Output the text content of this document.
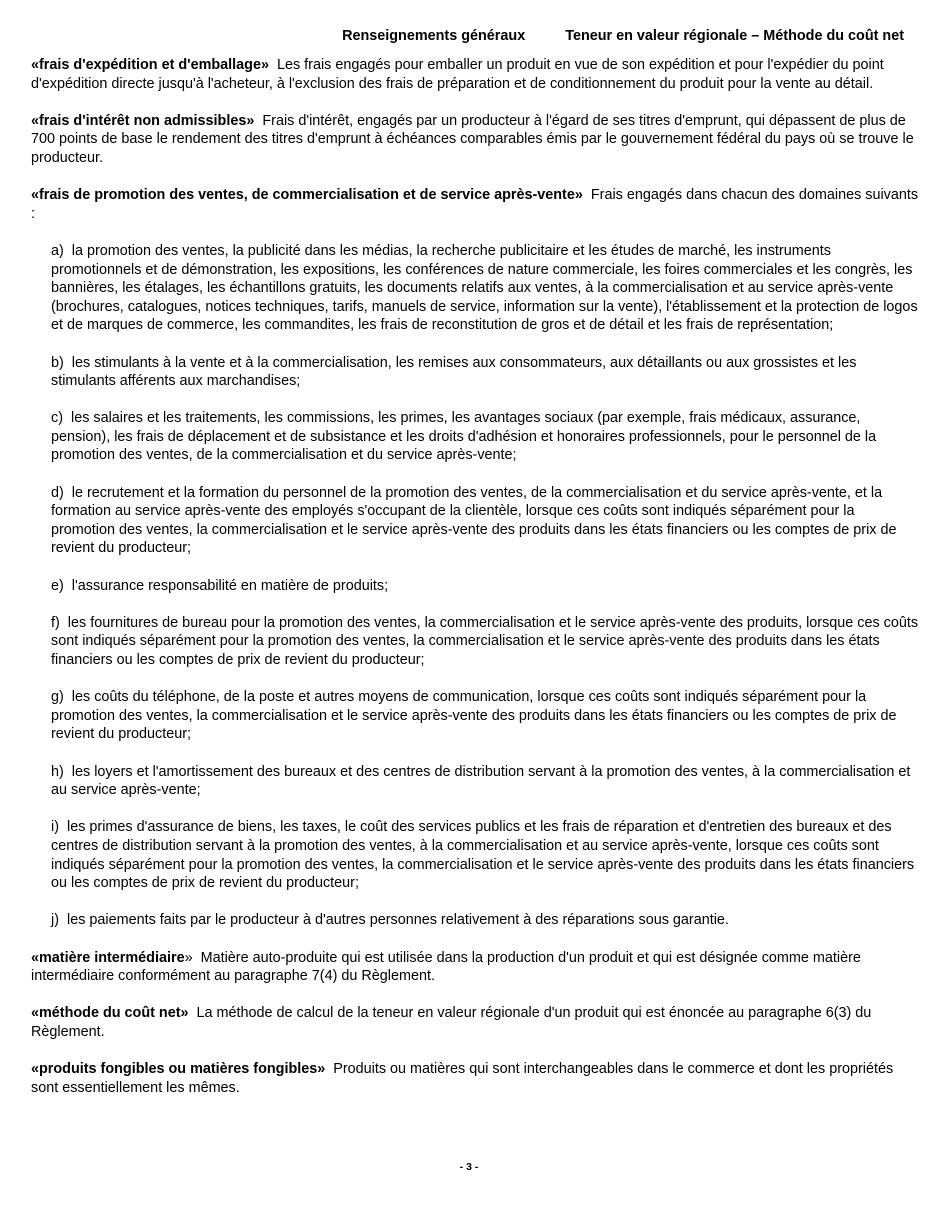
Renseignements généraux	Teneur en valeur régionale – Méthode du coût net

«frais d'expédition et d'emballage» Les frais engagés pour emballer un produit en vue de son expédition et pour l'expédier du point d'expédition directe jusqu'à l'acheteur, à l'exclusion des frais de préparation et de conditionnement du produit pour la vente au détail.

«frais d'intérêt non admissibles» Frais d'intérêt, engagés par un producteur à l'égard de ses titres d'emprunt, qui dépassent de plus de 700 points de base le rendement des titres d'emprunt à échéances comparables émis par le gouvernement fédéral du pays où se trouve le producteur.

«frais de promotion des ventes, de commercialisation et de service après-vente» Frais engagés dans chacun des domaines suivants :

a) la promotion des ventes, la publicité dans les médias, la recherche publicitaire et les études de marché, les instruments promotionnels et de démonstration, les expositions, les conférences de nature commerciale, les foires commerciales et les congrès, les bannières, les étalages, les échantillons gratuits, les documents relatifs aux ventes, à la commercialisation et au service après-vente (brochures, catalogues, notices techniques, tarifs, manuels de service, information sur la vente), l'établissement et la protection de logos et de marques de commerce, les commandites, les frais de reconstitution de gros et de détail et les frais de représentation;
b) les stimulants à la vente et à la commercialisation, les remises aux consommateurs, aux détaillants ou aux grossistes et les stimulants afférents aux marchandises;
c) les salaires et les traitements, les commissions, les primes, les avantages sociaux (par exemple, frais médicaux, assurance, pension), les frais de déplacement et de subsistance et les droits d'adhésion et honoraires professionnels, pour le personnel de la promotion des ventes, de la commercialisation et du service après-vente;
d) le recrutement et la formation du personnel de la promotion des ventes, de la commercialisation et du service après-vente, et la formation au service après-vente des employés s'occupant de la clientèle, lorsque ces coûts sont indiqués séparément pour la promotion des ventes, la commercialisation et le service après-vente des produits dans les états financiers ou les comptes de prix de revient du producteur;
e) l'assurance responsabilité en matière de produits;
f) les fournitures de bureau pour la promotion des ventes, la commercialisation et le service après-vente des produits, lorsque ces coûts sont indiqués séparément pour la promotion des ventes, la commercialisation et le service après-vente des produits dans les états financiers ou les comptes de prix de revient du producteur;
g) les coûts du téléphone, de la poste et autres moyens de communication, lorsque ces coûts sont indiqués séparément pour la promotion des ventes, la commercialisation et le service après-vente des produits dans les états financiers ou les comptes de prix de revient du producteur;
h) les loyers et l'amortissement des bureaux et des centres de distribution servant à la promotion des ventes, à la commercialisation et au service après-vente;
i) les primes d'assurance de biens, les taxes, le coût des services publics et les frais de réparation et d'entretien des bureaux et des centres de distribution servant à la promotion des ventes, à la commercialisation et au service après-vente, lorsque ces coûts sont indiqués séparément pour la promotion des ventes, la commercialisation et le service après-vente des produits dans les états financiers ou les comptes de prix de revient du producteur;
j) les paiements faits par le producteur à d'autres personnes relativement à des réparations sous garantie.

«matière intermédiaire» Matière auto-produite qui est utilisée dans la production d'un produit et qui est désignée comme matière intermédiaire conformément au paragraphe 7(4) du Règlement.

«méthode du coût net» La méthode de calcul de la teneur en valeur régionale d'un produit qui est énoncée au paragraphe 6(3) du Règlement.

«produits fongibles ou matières fongibles» Produits ou matières qui sont interchangeables dans le commerce et dont les propriétés sont essentiellement les mêmes.

- 3 -
